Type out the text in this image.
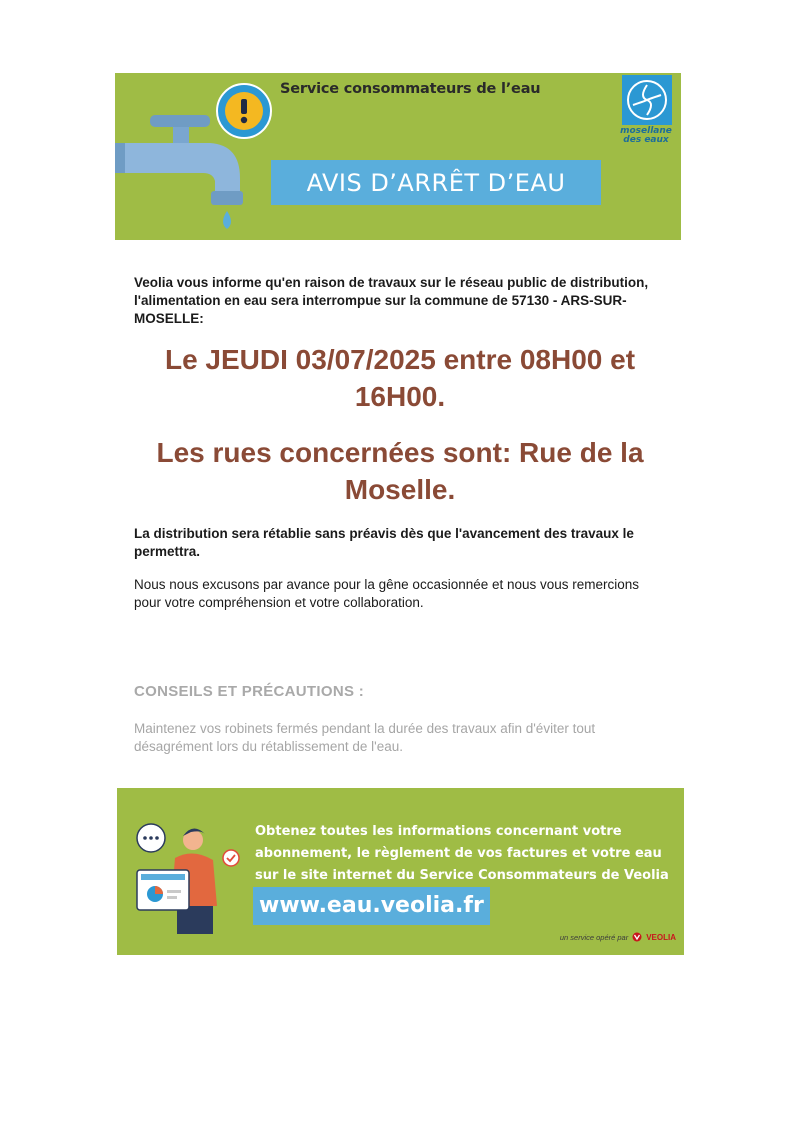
Service consommateurs de l’eau
mosellane
des eaux
AVIS D’ARRÊT D’EAU

Veolia vous informe qu'en raison de travaux sur le réseau public de distribution, l'alimentation en eau sera interrompue sur la commune de 57130 - ARS-SUR-MOSELLE:

Le JEUDI 03/07/2025 entre 08H00 et 16H00.
Les rues concernées sont: Rue de la Moselle.

La distribution sera rétablie sans préavis dès que l'avancement des travaux le permettra.

Nous nous excusons par avance pour la gêne occasionnée et nous vous remercions pour votre compréhension et votre collaboration.

CONSEILS ET PRÉCAUTIONS :

Maintenez vos robinets fermés pendant la durée des travaux afin d'éviter tout désagrément lors du rétablissement de l'eau.

Obtenez toutes les informations concernant votre abonnement, le règlement de vos factures et votre eau sur le site internet du Service Consommateurs de Veolia

www.eau.veolia.fr
un service opéré par VEOLIA
